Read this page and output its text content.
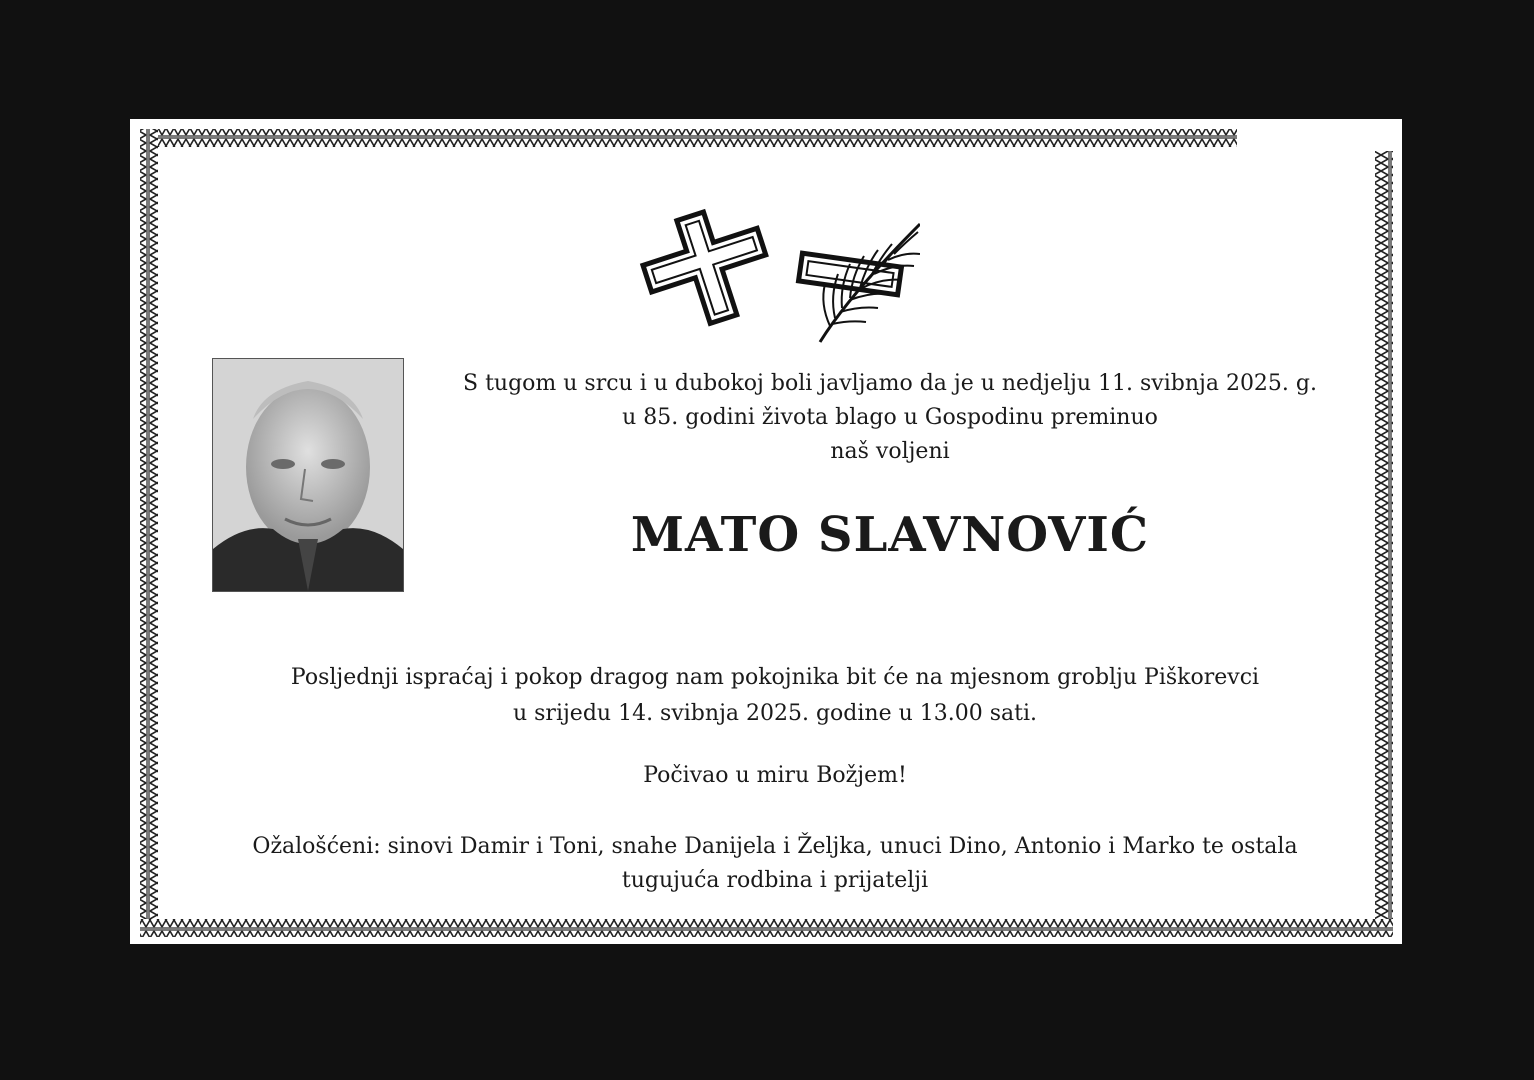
S tugom u srcu i u dubokoj boli javljamo da je u nedjelju 11. svibnja 2025. g.
u 85. godini života blago u Gospodinu preminuo
naš voljeni
MATO SLAVNOVIĆ
Posljednji ispraćaj i pokop dragog nam pokojnika bit će na mjesnom groblju Piškorevci
u srijedu 14. svibnja 2025. godine u 13.00 sati.
Počivao u miru Božjem!
Ožalošćeni: sinovi Damir i Toni, snahe Danijela i Željka, unuci Dino, Antonio i Marko te ostala
tugujuća rodbina i prijatelji
